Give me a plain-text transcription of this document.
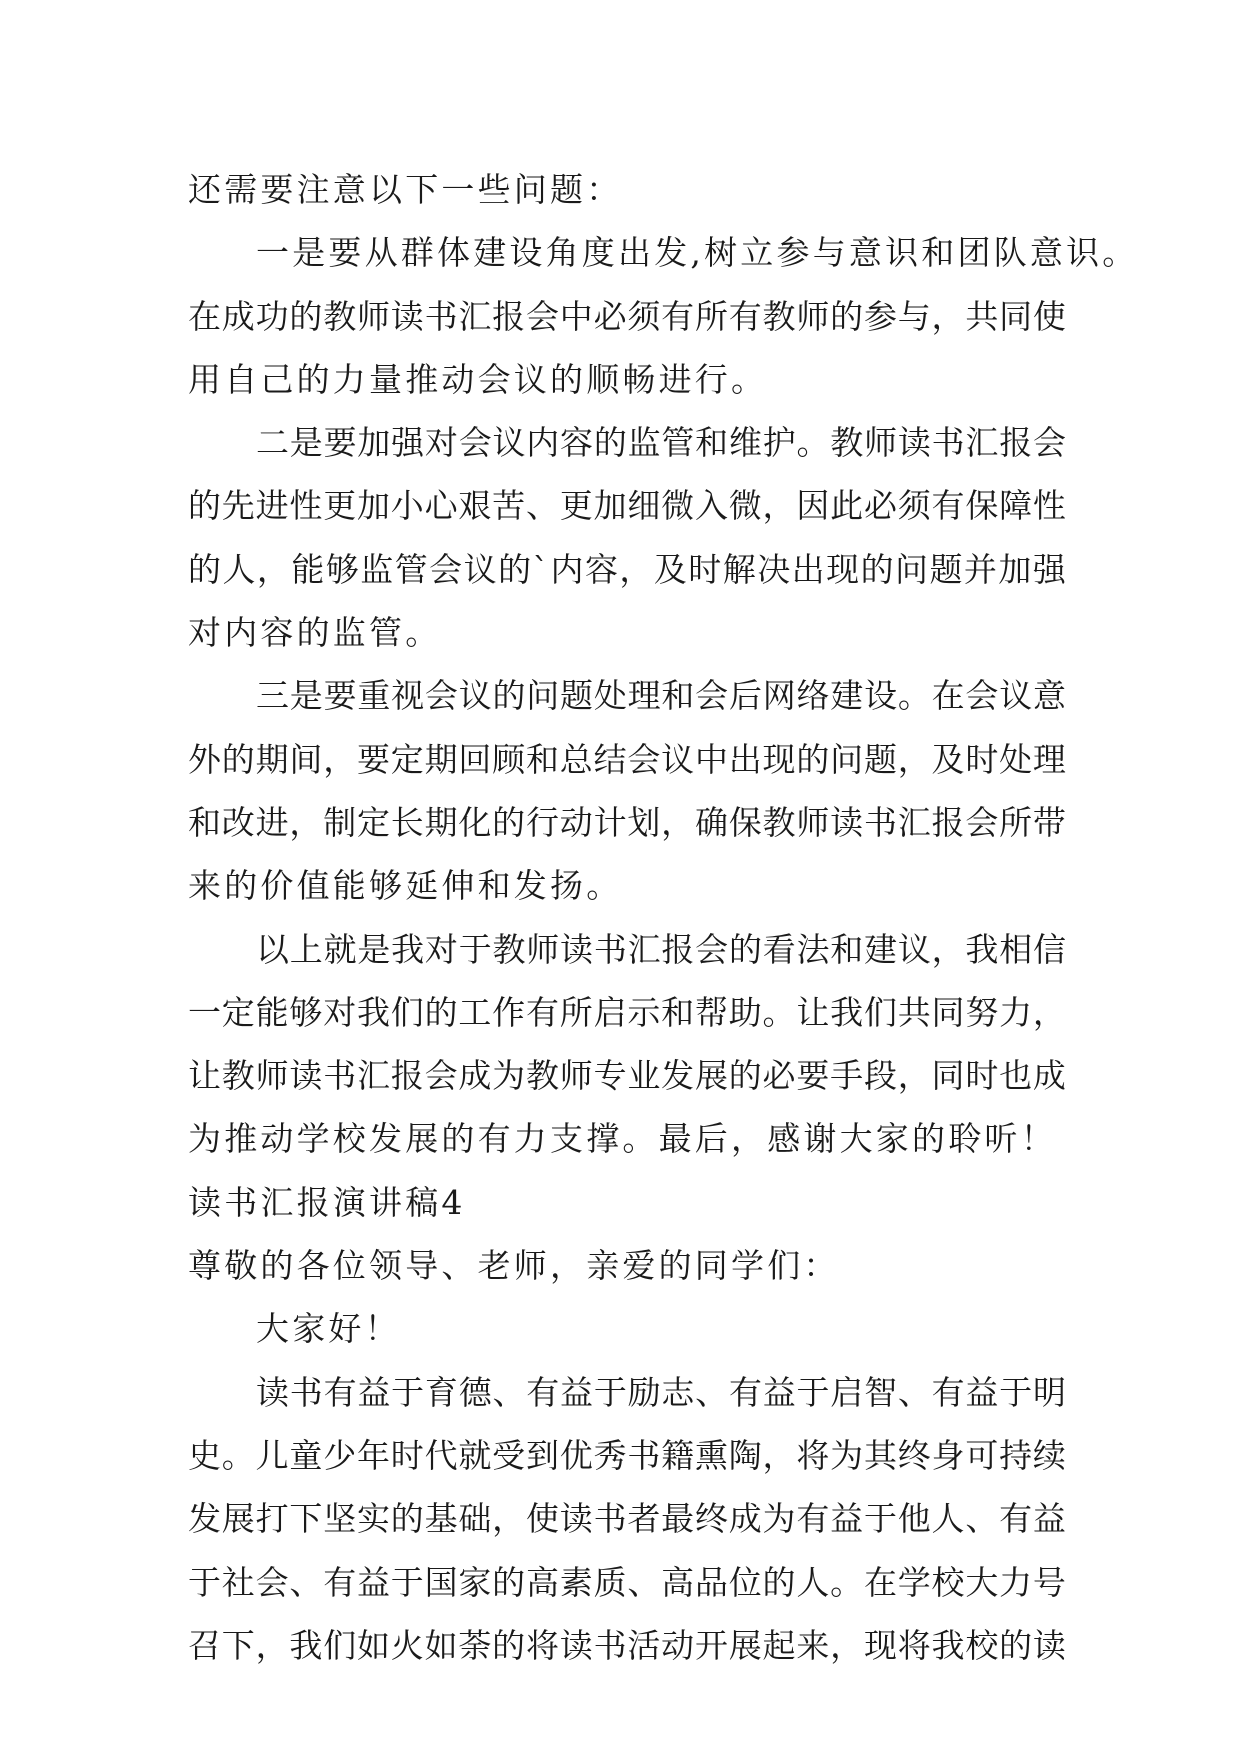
还需要注意以下一些问题：
一是要从群体建设角度出发,树立参与意识和团队意识。
在 成 功 的 教 师 读 书 汇 报 会 中 必 须 有 所 有 教 师 的 参 与 ， 共 同 使
用自己的力量推动会议的顺畅进行。
二 是 要 加 强 对 会 议 内 容 的 监 管 和 维 护 。 教 师 读 书 汇 报 会
的 先 进 性 更 加 小 心 艰 苦 、 更 加 细 微 入 微 ， 因 此 必 须 有 保 障 性
的 人 ， 能 够 监 管 会 议 的 ` 内 容 ， 及 时 解 决 出 现 的 问 题 并 加 强
对内容的监管。
三 是 要 重 视 会 议 的 问 题 处 理 和 会 后 网 络 建 设 。 在 会 议 意
外 的 期 间 ， 要 定 期 回 顾 和 总 结 会 议 中 出 现 的 问 题 ， 及 时 处 理
和 改 进 ， 制 定 长 期 化 的 行 动 计 划 ， 确 保 教 师 读 书 汇 报 会 所 带
来的价值能够延伸和发扬。
以 上 就 是 我 对 于 教 师 读 书 汇 报 会 的 看 法 和 建 议 ， 我 相 信
一 定 能 够 对 我 们 的 工 作 有 所 启 示 和 帮 助 。 让 我 们 共 同 努 力 ，
让 教 师 读 书 汇 报 会 成 为 教 师 专 业 发 展 的 必 要 手 段 ， 同 时 也 成
为推动学校发展的有力支撑。最后，感谢大家的聆听！
读书汇报演讲稿4
尊敬的各位领导、老师，亲爱的同学们：
大家好！
读 书 有 益 于 育 德 、 有 益 于 励 志 、 有 益 于 启 智 、 有 益 于 明
史 。 儿 童 少 年 时 代 就 受 到 优 秀 书 籍 熏 陶 ， 将 为 其 终 身 可 持 续
发 展 打 下 坚 实 的 基 础 ， 使 读 书 者 最 终 成 为 有 益 于 他 人 、 有 益
于 社 会 、 有 益 于 国 家 的 高 素 质 、 高 品 位 的 人 。 在 学 校 大 力 号
召 下 ， 我 们 如 火 如 荼 的 将 读 书 活 动 开 展 起 来 ， 现 将 我 校 的 读
